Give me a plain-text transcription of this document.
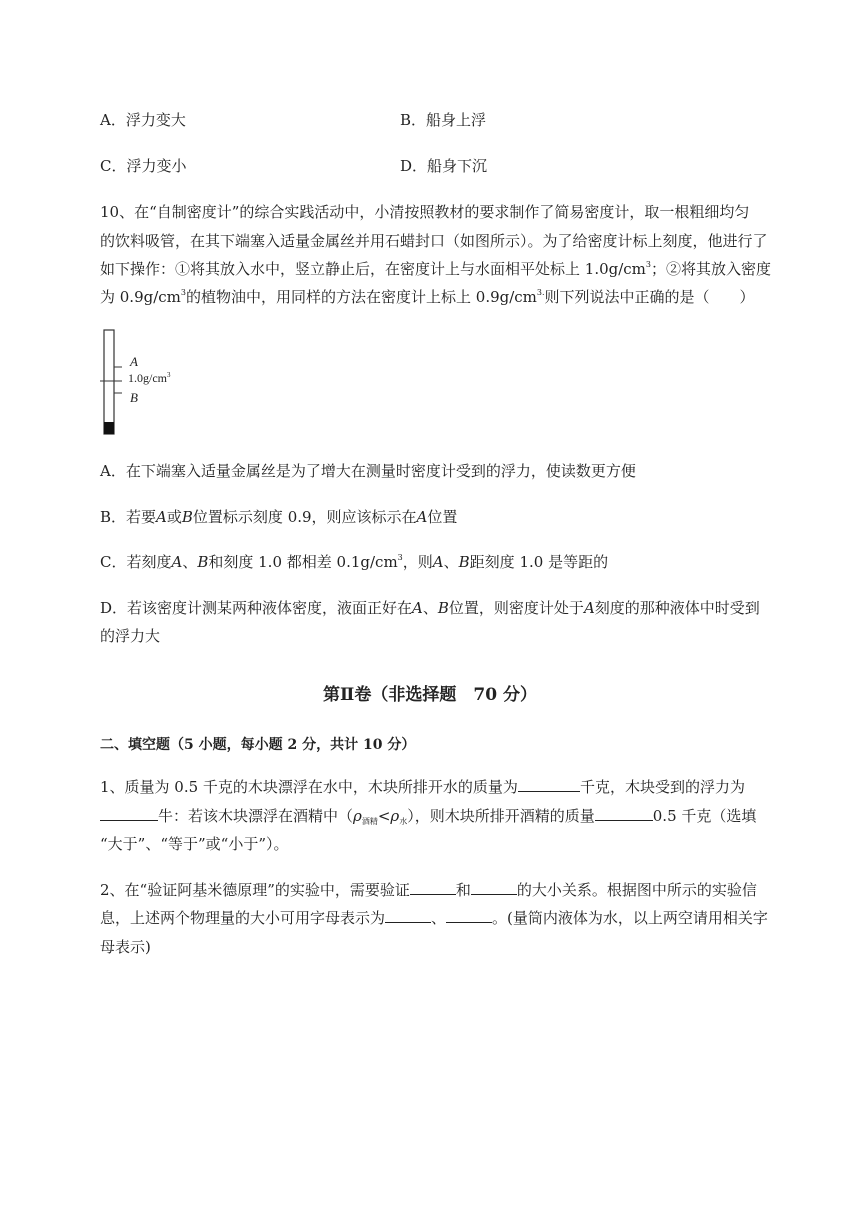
A．浮力变大	B．船身上浮
C．浮力变小	D．船身下沉
10、在“自制密度计”的综合实践活动中，小清按照教材的要求制作了简易密度计，取一根粗细均匀
的饮料吸管，在其下端塞入适量金属丝并用石蜡封口（如图所示）。为了给密度计标上刻度，他进行了
如下操作：①将其放入水中，竖立静止后，在密度计上与水面相平处标上 $1.0g/cm^3$；②将其放入密度
为 $0.9g/cm^3$的植物油中，用同样的方法在密度计上标上 $0.9g/cm^{3.}$则下列说法中正确的是（　　）
A
$1.0g/cm^3$
B
A．在下端塞入适量金属丝是为了增大在测量时密度计受到的浮力，使读数更方便
B．若要A或B位置标示刻度 0.9，则应该标示在A位置
C．若刻度A、B和刻度 1.0 都相差 $0.1g/cm^3$，则A、B距刻度 1.0 是等距的
D．若该密度计测某两种液体密度，液面正好在A、B位置，则密度计处于A刻度的那种液体中时受到
的浮力大
第Ⅱ卷（非选择题　70 分）
二、填空题（5 小题，每小题 2 分，共计 10 分）
1、质量为 0.5 千克的木块漂浮在水中，木块所排开水的质量为	千克，木块受到的浮力为
牛：若该木块漂浮在酒精中$(\rho_{酒精}<\rho_水)$，则木块所排开酒精的质量	0.5 千克（选填
“大于”、“等于”或“小于”）。
2、在“验证阿基米德原理”的实验中，需要验证	和	的大小关系。根据图中所示的实验信
息，上述两个物理量的大小可用字母表示为	、	。(量筒内液体为水，以上两空请用相关字
母表示)
